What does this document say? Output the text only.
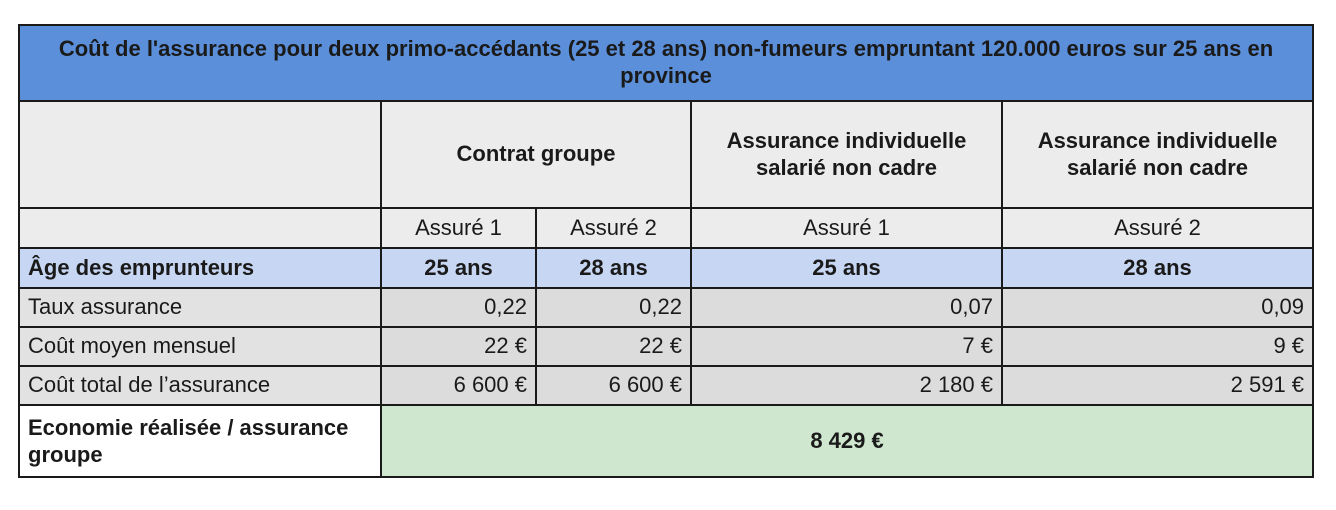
Coût de l'assurance pour deux primo-accédants (25 et 28 ans) non-fumeurs empruntant 120.000 euros sur 25 ans en province				
	Contrat groupe		Assurance individuelle salarié non cadre	Assurance individuelle salarié non cadre
	Assuré 1	Assuré 2	Assuré 1	Assuré 2
Âge des emprunteurs	25 ans	28 ans	25 ans	28 ans
Taux assurance	0,22	0,22	0,07	0,09
Coût moyen mensuel	22 €	22 €	7 €	9 €
Coût total de l’assurance	6 600 €	6 600 €	2 180 €	2 591 €
Economie réalisée / assurance groupe	8 429 €			
